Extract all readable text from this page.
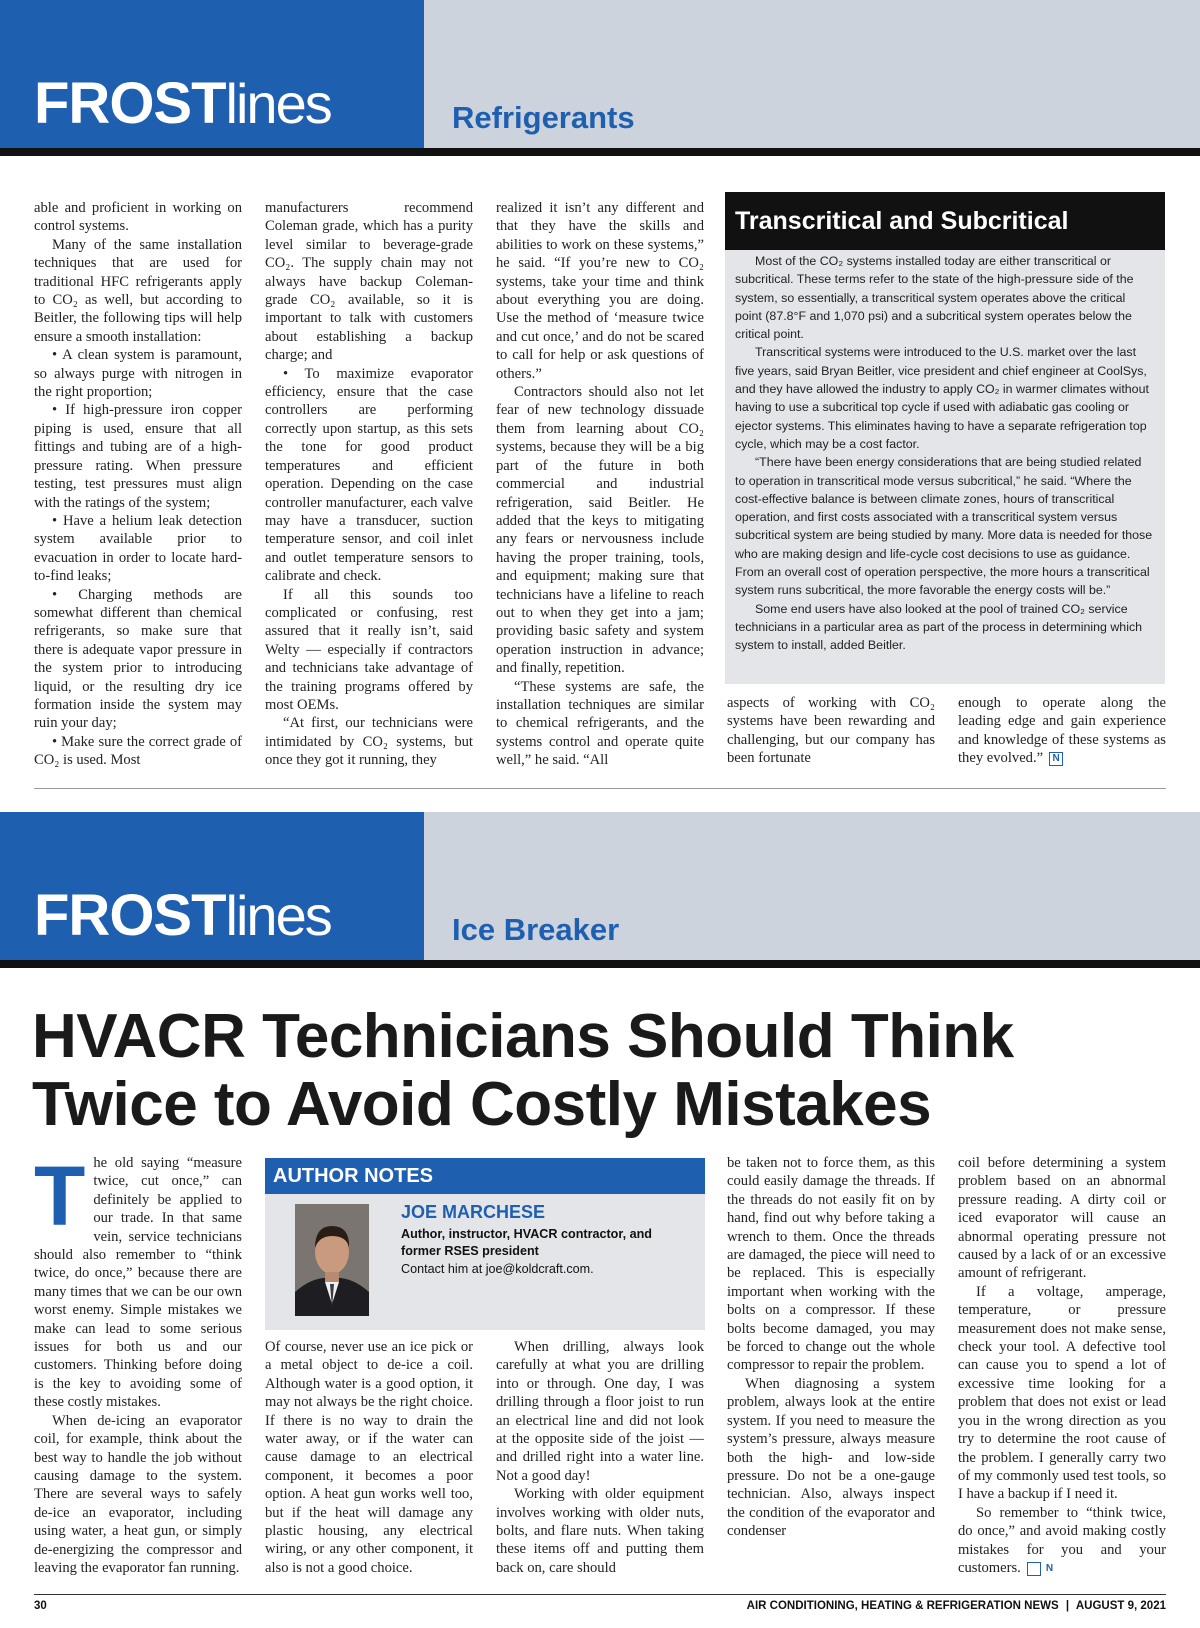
FROSTlines	Refrigerants

able and proficient in working on control systems.

Many of the same installation techniques that are used for traditional HFC refrigerants apply to CO₂ as well, but according to Beitler, the following tips will help ensure a smooth installation:

• A clean system is paramount, so always purge with nitrogen in the right proportion;

• If high-pressure iron copper piping is used, ensure that all fittings and tubing are of a high-pressure rating. When pressure testing, test pressures must align with the ratings of the system;

• Have a helium leak detection system available prior to evacuation in order to locate hard-to-find leaks;

• Charging methods are somewhat different than chemical refrigerants, so make sure that there is adequate vapor pressure in the system prior to introducing liquid, or the resulting dry ice formation inside the system may ruin your day;

• Make sure the correct grade of CO₂ is used. Most

manufacturers recommend Coleman grade, which has a purity level similar to beverage-grade CO₂. The supply chain may not always have backup Coleman-grade CO₂ available, so it is important to talk with customers about establishing a backup charge; and

• To maximize evaporator efficiency, ensure that the case controllers are performing correctly upon startup, as this sets the tone for good product temperatures and efficient operation. Depending on the case controller manufacturer, each valve may have a transducer, suction temperature sensor, and coil inlet and outlet temperature sensors to calibrate and check.

If all this sounds too complicated or confusing, rest assured that it really isn’t, said Welty — especially if contractors and technicians take advantage of the training programs offered by most OEMs.

“At first, our technicians were intimidated by CO₂ systems, but once they got it running, they

realized it isn’t any different and that they have the skills and abilities to work on these systems,” he said. “If you’re new to CO₂ systems, take your time and think about everything you are doing. Use the method of ‘measure twice and cut once,’ and do not be scared to call for help or ask questions of others.”

Contractors should also not let fear of new technology dissuade them from learning about CO₂ systems, because they will be a big part of the future in both commercial and industrial refrigeration, said Beitler. He added that the keys to mitigating any fears or nervousness include having the proper training, tools, and equipment; making sure that technicians have a lifeline to reach out to when they get into a jam; providing basic safety and system operation instruction in advance; and finally, repetition.

“These systems are safe, the installation techniques are similar to chemical refrigerants, and the systems control and operate quite well,” he said. “All

Transcritical and Subcritical

Most of the CO₂ systems installed today are either transcritical or subcritical. These terms refer to the state of the high-pressure side of the system, so essentially, a transcritical system operates above the critical point (87.8°F and 1,070 psi) and a subcritical system operates below the critical point.

Transcritical systems were introduced to the U.S. market over the last five years, said Bryan Beitler, vice president and chief engineer at CoolSys, and they have allowed the industry to apply CO₂ in warmer climates without having to use a subcritical top cycle if used with adiabatic gas cooling or ejector systems. This eliminates having to have a separate refrigeration top cycle, which may be a cost factor.

“There have been energy considerations that are being studied related to operation in transcritical mode versus subcritical,” he said. “Where the cost-effective balance is between climate zones, hours of transcritical operation, and first costs associated with a transcritical system versus subcritical system are being studied by many. More data is needed for those who are making design and life-cycle cost decisions to use as guidance. From an overall cost of operation perspective, the more hours a transcritical system runs subcritical, the more favorable the energy costs will be.”

Some end users have also looked at the pool of trained CO₂ service technicians in a particular area as part of the process in determining which system to install, added Beitler.

aspects of working with CO₂ systems have been rewarding and challenging, but our company has been fortunate

enough to operate along the leading edge and gain experience and knowledge of these systems as they evolved.” N

FROSTlines	Ice Breaker
HVACR Technicians Should Think
Twice to Avoid Costly Mistakes

The old saying “measure twice, cut once,” can definitely be applied to our trade. In that same vein, service technicians should also remember to “think twice, do once,” because there are many times that we can be our own worst enemy. Simple mistakes we make can lead to some serious issues for both us and our customers. Thinking before doing is the key to avoiding some of these costly mistakes.

When de-icing an evaporator coil, for example, think about the best way to handle the job without causing damage to the system. There are several ways to safely de-ice an evaporator, including using water, a heat gun, or simply de-energizing the compressor and leaving the evaporator fan running.

AUTHOR NOTES
JOE MARCHESE
Author, instructor, HVACR contractor, and former RSES president
Contact him at joe@koldcraft.com.

Of course, never use an ice pick or a metal object to de-ice a coil. Although water is a good option, it may not always be the right choice. If there is no way to drain the water away, or if the water can cause damage to an electrical component, it becomes a poor option. A heat gun works well too, but if the heat will damage any plastic housing, any electrical wiring, or any other component, it also is not a good choice.

When drilling, always look carefully at what you are drilling into or through. One day, I was drilling through a floor joist to run an electrical line and did not look at the opposite side of the joist — and drilled right into a water line. Not a good day!

Working with older equipment involves working with older nuts, bolts, and flare nuts. When taking these items off and putting them back on, care should

be taken not to force them, as this could easily damage the threads. If the threads do not easily fit on by hand, find out why before taking a wrench to them. Once the threads are damaged, the piece will need to be replaced. This is especially important when working with the bolts on a compressor. If these bolts become damaged, you may be forced to change out the whole compressor to repair the problem.

When diagnosing a system problem, always look at the entire system. If you need to measure the system’s pressure, always measure both the high- and low-side pressure. Do not be a one-gauge technician. Also, always inspect the condition of the evaporator and condenser

coil before determining a system problem based on an abnormal pressure reading. A dirty coil or iced evaporator will cause an abnormal operating pressure not caused by a lack of or an excessive amount of refrigerant.

If a voltage, amperage, temperature, or pressure measurement does not make sense, check your tool. A defective tool can cause you to spend a lot of excessive time looking for a problem that does not exist or lead you in the wrong direction as you try to determine the root cause of the problem. I generally carry two of my commonly used test tools, so I have a backup if I need it.

So remember to “think twice, do once,” and avoid making costly mistakes for you and your customers.	N

30	AIR CONDITIONING, HEATING & REFRIGERATION NEWS | AUGUST 9, 2021
